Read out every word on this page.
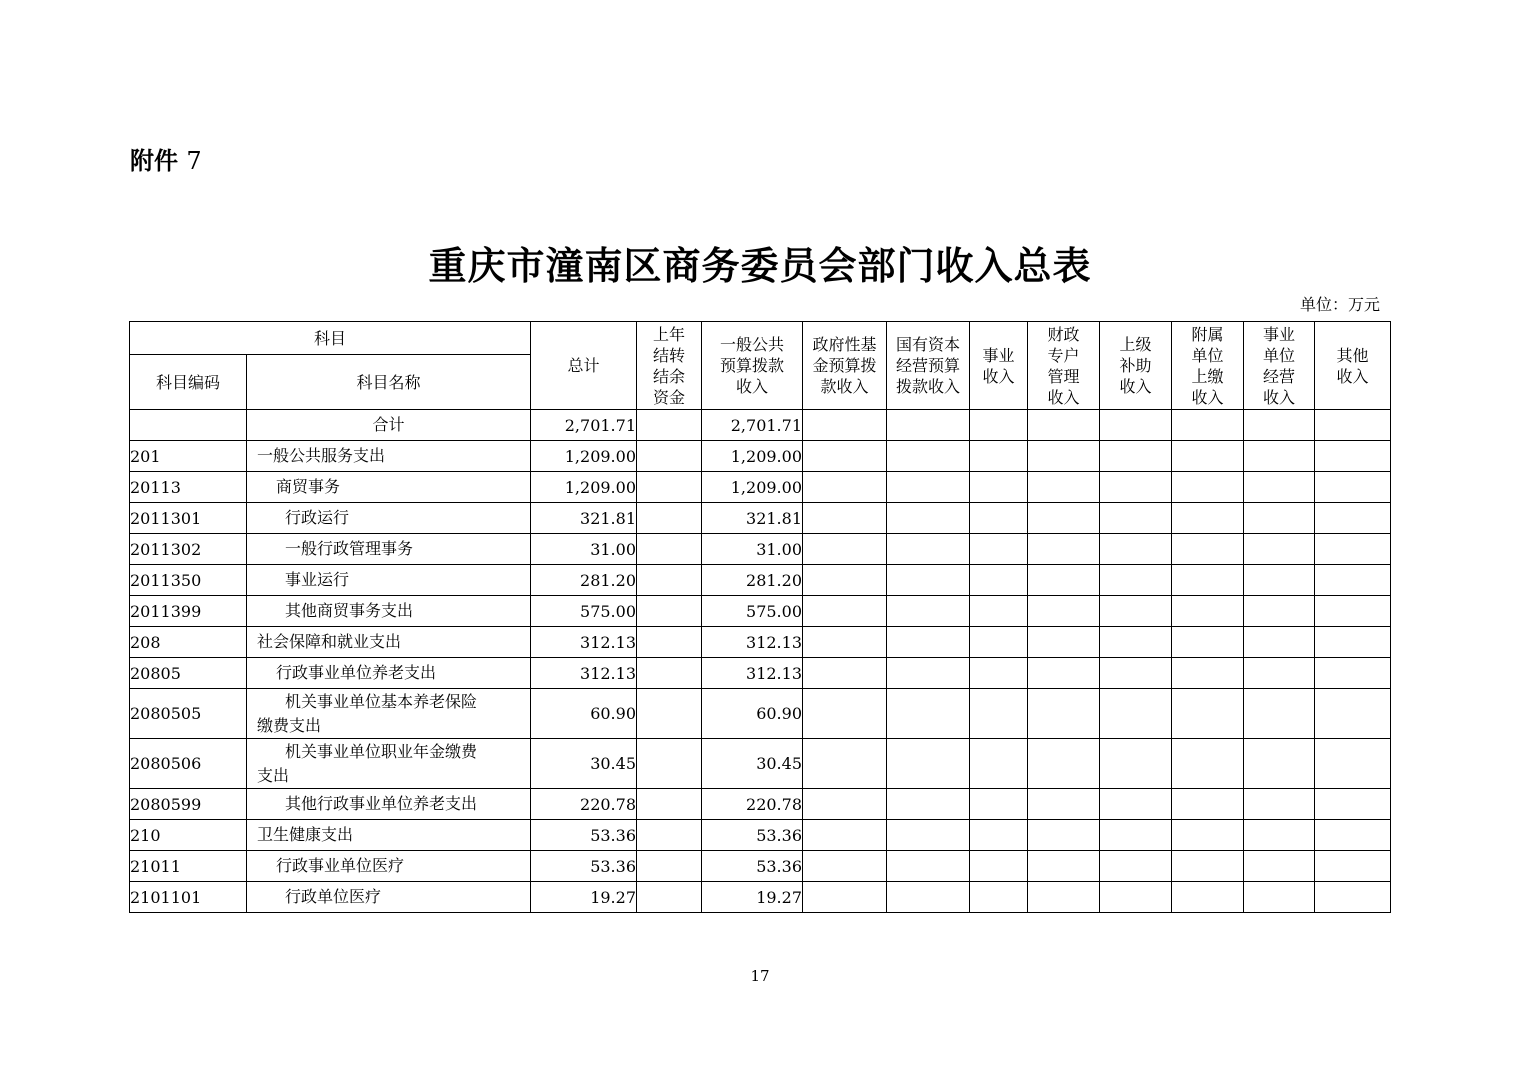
附件 7
重庆市潼南区商务委员会部门收入总表
单位：万元
科目		总计	上年结转结余资金	一般公共预算拨款收入	政府性基金预算拨款收入	国有资本经营预算拨款收入	事业收入	财政专户管理收入	上级补助收入	附属单位上缴收入	事业单位经营收入	其他收入

科目编码	科目名称											
	合计	2,701.71		2,701.71								
201	一般公共服务支出	1,209.00		1,209.00								
20113	商贸事务	1,209.00		1,209.00								
2011301	行政运行	321.81		321.81								
2011302	一般行政管理事务	31.00		31.00								
2011350	事业运行	281.20		281.20								
2011399	其他商贸事务支出	575.00		575.00								
208	社会保障和就业支出	312.13		312.13								
20805	行政事业单位养老支出	312.13		312.13								
2080505	机关事业单位基本养老保险
缴费支出	60.90		60.90								
2080506	机关事业单位职业年金缴费
支出	30.45		30.45								
2080599	其他行政事业单位养老支出	220.78		220.78								
210	卫生健康支出	53.36		53.36								
21011	行政事业单位医疗	53.36		53.36								
2101101	行政单位医疗	19.27		19.27								
17
